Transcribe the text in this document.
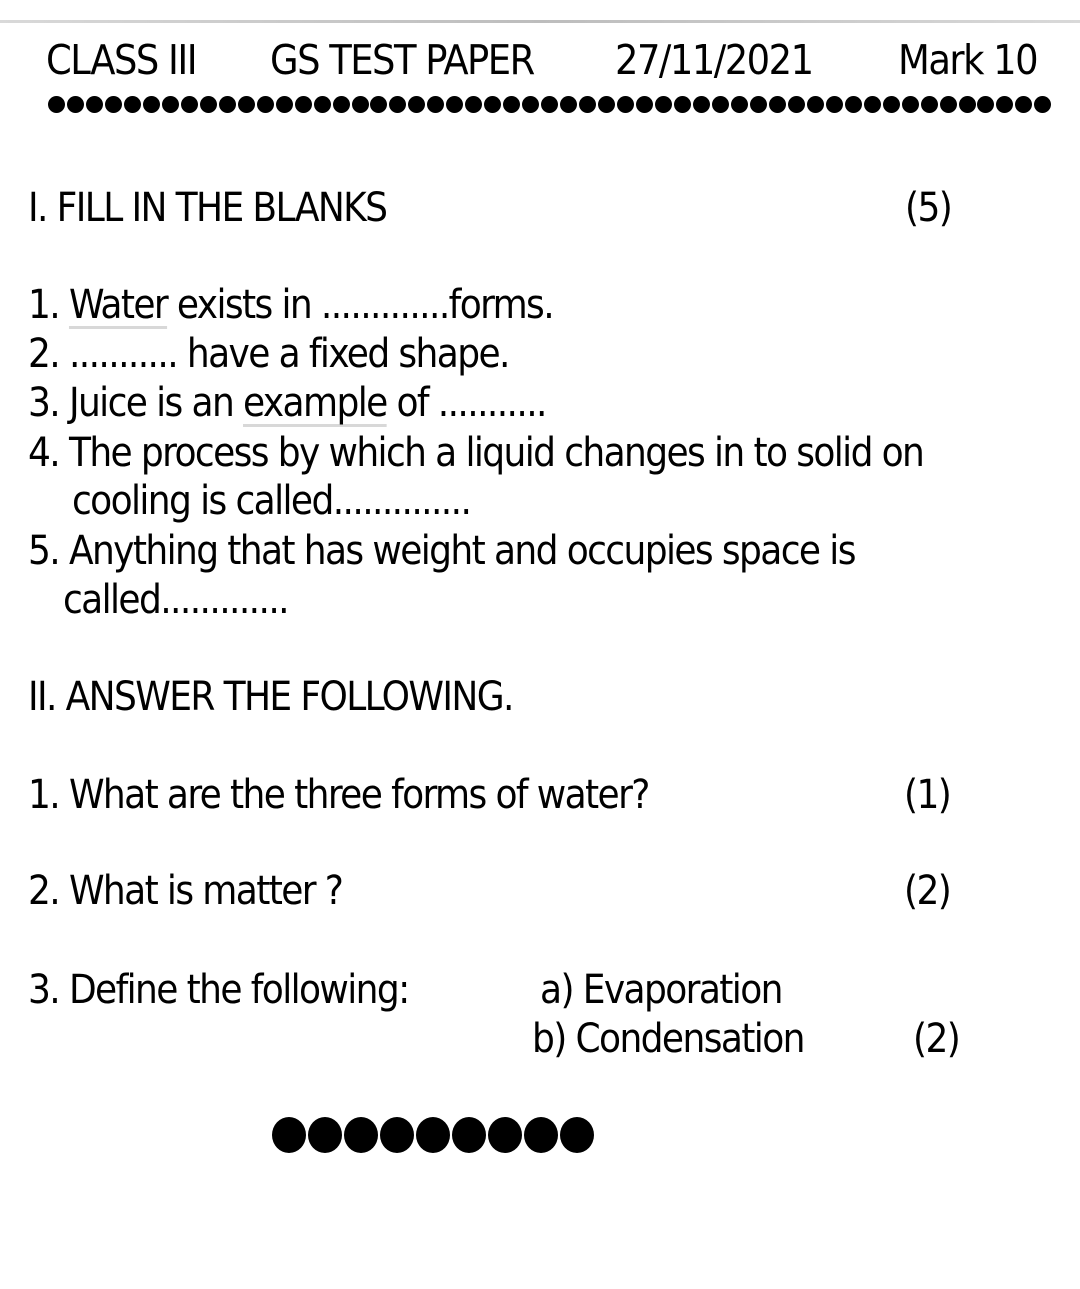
CLASS III GS TEST PAPER 27/11/2021 Mark 10
I. FILL IN THE BLANKS	(5)
1. Water exists in .............forms.
2. ........... have a fixed shape.
3. Juice is an example of ...........
4. The process by which a liquid changes in to solid on
cooling is called..............
5. Anything that has weight and occupies space is
called.............
II. ANSWER THE FOLLOWING.
1. What are the three forms of water?	(1)
2. What is matter ?	(2)
3. Define the following:	a) Evaporation
b) Condensation	(2)
